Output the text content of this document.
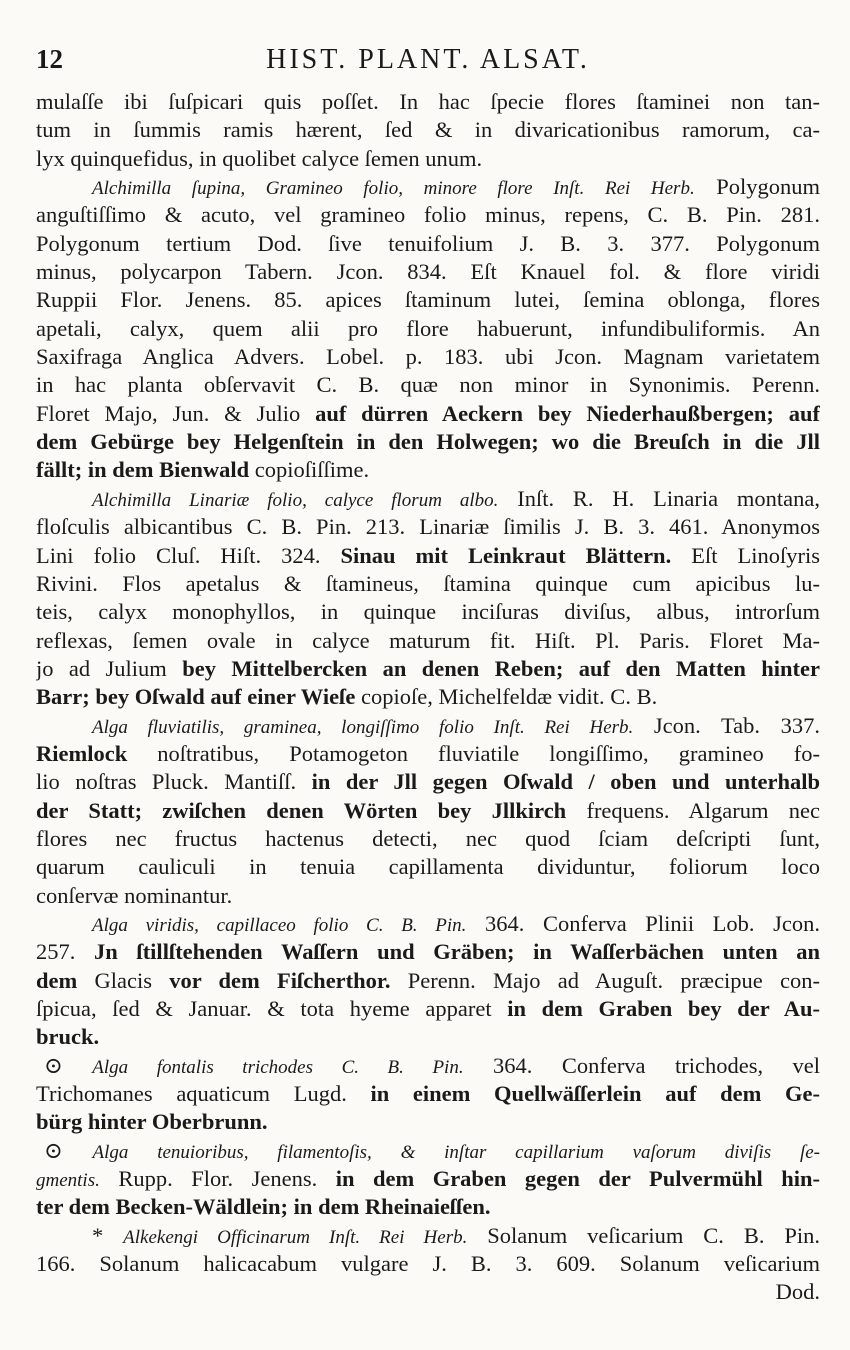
12	HIST. PLANT. ALSAT.
mulaſſe ibi ſuſpicari quis poſſet. In hac ſpecie flores ſtaminei non tan-
tum in ſummis ramis hærent, ſed & in divaricationibus ramorum, ca-
lyx quinquefidus, in quolibet calyce ſemen unum.
Alchimilla ſupina, Gramineo folio, minore flore Inſt. Rei Herb. Polygonum
anguſtiſſimo & acuto, vel gramineo folio minus, repens, C. B. Pin. 281.
Polygonum tertium Dod. ſive tenuifolium J. B. 3. 377. Polygonum
minus, polycarpon Tabern. Jcon. 834. Eſt Knauel fol. & flore viridi
Ruppii Flor. Jenens. 85. apices ſtaminum lutei, ſemina oblonga, flores
apetali, calyx, quem alii pro flore habuerunt, infundibuliformis. An
Saxifraga Anglica Advers. Lobel. p. 183. ubi Jcon. Magnam varietatem
in hac planta obſervavit C. B. quæ non minor in Synonimis. Perenn.
Floret Majo, Jun. & Julio auf dürren Aeckern bey Niederhaußbergen; auf
dem Gebürge bey Helgenſtein in den Holwegen; wo die Breuſch in die Jll
fällt; in dem Bienwald copioſiſſime.
Alchimilla Linariæ folio, calyce florum albo. Inſt. R. H. Linaria montana,
floſculis albicantibus C. B. Pin. 213. Linariæ ſimilis J. B. 3. 461. Anonymos
Lini folio Cluſ. Hiſt. 324. Sinau mit Leinkraut Blättern. Eſt Linoſyris
Rivini. Flos apetalus & ſtamineus, ſtamina quinque cum apicibus lu-
teis, calyx monophyllos, in quinque inciſuras diviſus, albus, introrſum
reflexas, ſemen ovale in calyce maturum fit. Hiſt. Pl. Paris. Floret Ma-
jo ad Julium bey Mittelbercken an denen Reben; auf den Matten hinter
Barr; bey Oſwald auf einer Wieſe copioſe, Michelfeldæ vidit. C. B.
Alga fluviatilis, graminea, longiſſimo folio Inſt. Rei Herb. Jcon. Tab. 337.
Riemlock noſtratibus, Potamogeton fluviatile longiſſimo, gramineo fo-
lio noſtras Pluck. Mantiſſ. in der Jll gegen Oſwald / oben und unterhalb
der Statt; zwiſchen denen Wörten bey Jllkirch frequens. Algarum nec
flores nec fructus hactenus detecti, nec quod ſciam deſcripti ſunt,
quarum cauliculi in tenuia capillamenta dividuntur, foliorum loco
conſervæ nominantur.
Alga viridis, capillaceo folio C. B. Pin. 364. Conferva Plinii Lob. Jcon.
257. Jn ſtillſtehenden Waſſern und Gräben; in Waſſerbächen unten an
dem Glacis vor dem Fiſcherthor. Perenn. Majo ad Auguſt. præcipue con-
ſpicua, ſed & Januar. & tota hyeme apparet in dem Graben bey der Au-
bruck.
⊙ Alga fontalis trichodes C. B. Pin. 364. Conferva trichodes, vel
Trichomanes aquaticum Lugd. in einem Quellwäſſerlein auf dem Ge-
bürg hinter Oberbrunn.
⊙ Alga tenuioribus, filamentoſis, & inſtar capillarium vaſorum diviſis ſe-
gmentis. Rupp. Flor. Jenens. in dem Graben gegen der Pulvermühl hin-
ter dem Becken-Wäldlein; in dem Rheinaieſſen.
* Alkekengi Officinarum Inſt. Rei Herb. Solanum veſicarium C. B. Pin.
166. Solanum halicacabum vulgare J. B. 3. 609. Solanum veſicarium
Dod.
